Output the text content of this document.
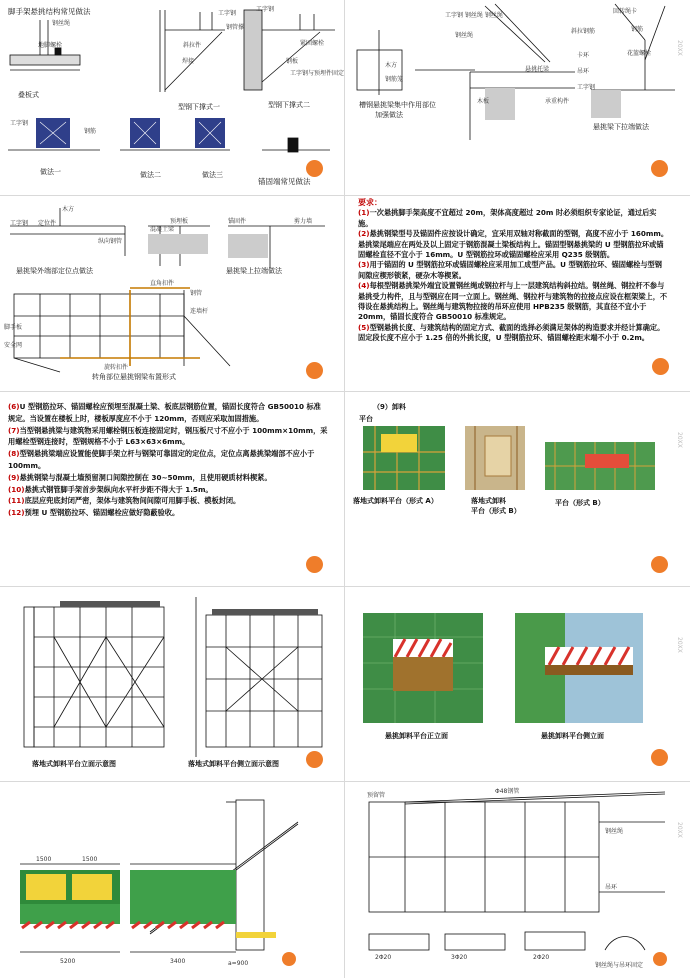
脚手架悬挑结构常见做法
钢丝绳
工字钢
钢管撑
斜拉件	紧固螺栓
工字钢
钢板
焊接
工字钢与预埋件固定
地脚螺栓
叠板式
型钢下撑式一	型钢下撑式二
工字钢
钢筋
做法一	做法二	做法三
锚固端常见做法
工字钢 钢丝绳 钢丝绳
回转绳卡
斜拉钢筋	钢筋
花篮螺栓
工字钢
钢丝绳
卡环
吊环
悬挑托梁
木方
钢筋笼
木板	承重构件
槽钢悬挑梁集中作用部位
加强做法
悬挑梁下拉端做法
20XX
木方
定位件
工字钢
纵向钢管
预埋板
混凝土梁
锚固件	剪力墙
钢管
连墙杆
直角扣件
脚手板
安全网
旋转扣件
悬挑梁外端部定位点做法	悬挑梁上拉端做法
转角部位悬挑钢梁布置形式
要求：

(1)一次悬挑脚手架高度不宜超过 20m，架体高度超过 20m 时必须组织专家论证，通过后实施。

(2)悬挑钢梁型号及锚固件应按设计确定，宜采用双轴对称截面的型钢，高度不应小于 160mm。悬挑梁尾端应在两处及以上固定于钢筋混凝土梁板结构上。锚固型钢悬挑梁的 U 型钢筋拉环或锚固螺栓直径不宜小于 16mm。U 型钢筋拉环或锚固螺栓应采用 Q235 级钢筋。

(3)用于锚固的 U 型钢筋拉环或锚固螺栓应采用加工成型产品。U 型钢筋拉环、锚固螺栓与型钢间隙应楔形锁紧，硬杂木等楔紧。

(4)每根型钢悬挑梁外端宜设置钢丝绳或钢拉杆与上一层建筑结构斜拉结。钢丝绳、钢拉杆不参与悬挑受力构件，且与型钢应在同一立面上。钢丝绳、钢拉杆与建筑物的拉接点应设在框架梁上，不得设在悬挑结构上。钢丝绳与建筑物拉接的吊环应使用 HPB235 级钢筋，其直径不宜小于 20mm，锚固长度符合 GB50010 标准规定。

(5)型钢悬挑长度、与建筑结构的固定方式、截面的选择必须满足架体的构造要求并经计算确定。固定段长度不应小于 1.25 倍的外挑长度，U 型钢筋拉环、锚固螺栓距末端不小于 0.2m。

(6)U 型钢筋拉环、锚固螺栓应预埋至混凝土梁、板底层钢筋位置，锚固长度符合 GB50010 标准规定。当设置在楼板上时，楼板厚度应不小于 120mm，否则应采取加固措施。

(7)当型钢悬挑梁与建筑物采用螺栓钢压板连接固定时，钢压板尺寸不应小于 100mm×10mm，采用螺栓型钢连接时，型钢规格不小于 L63×63×6mm。

(8)型钢悬挑梁端应设置能使脚手架立杆与钢梁可靠固定的定位点，定位点离悬挑梁端部不应小于 100mm。

(9)悬挑钢梁与混凝土墙预留洞口间隙控制在 30~50mm，且使用硬质材料楔紧。

(10)悬挑式钢管脚手架首步架纵向水平杆步距不得大于 1.5m。

(11)底层应兜底封闭严密，架体与建筑物间间隙可用脚手板、模板封闭。

(12)预埋 U 型钢筋拉环、锚固螺栓应做好隐蔽验收。

（9）卸料
平台
落地式卸料平台（形式 A）	落地式卸料
平台（形式 B）
平台（形式 B）
20XX
落地式卸料平台立面示意图	落地式卸料平台侧立面示意图
悬挑卸料平台正立面	悬挑卸料平台侧立面
20XX
1500	1500
5200	3400	a=900
预留管
Φ48钢管
钢丝绳
吊环
2Φ20	3Φ20	2Φ20
钢丝绳与吊环固定
20XX
